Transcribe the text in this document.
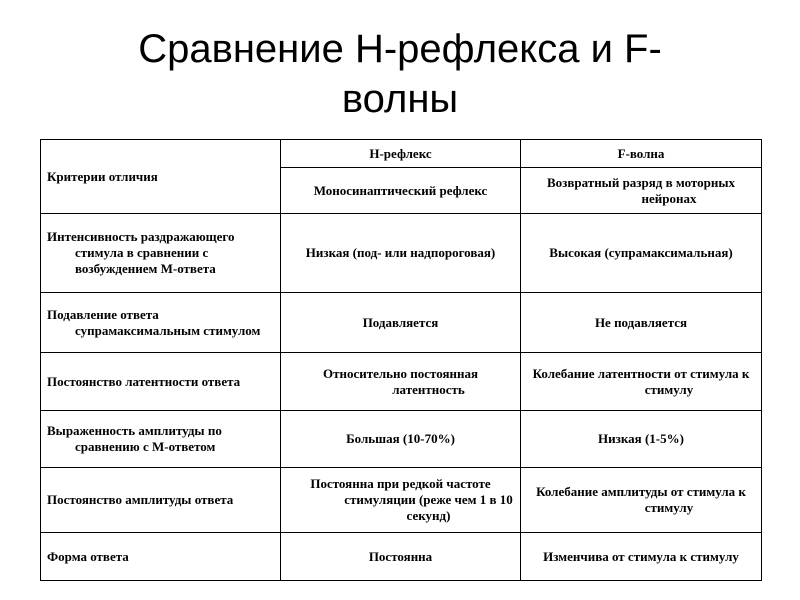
Сравнение Н-рефлекса и F-
волны
Критерии отличия	Н-рефлекс	F-волна
	Моносинаптический рефлекс	Возвратный разряд в моторных нейронах

Интенсивность раздражающего стимула в сравнении с возбуждением М-ответа	Низкая (под- или надпороговая)	Высокая (супрамаксимальная)

Подавление ответа супрамаксимальным стимулом	Подавляется	Не подавляется

Постоянство латентности ответа	Относительно постоянная латентность	Колебание латентности от стимула к стимулу

Выраженность амплитуды по сравнению с М-ответом	Большая (10-70%)	Низкая (1-5%)

Постоянство амплитуды ответа	Постоянна при редкой частоте стимуляции (реже чем 1 в 10 секунд)	Колебание амплитуды от стимула к стимулу

Форма ответа	Постоянна	Изменчива от стимула к стимулу
